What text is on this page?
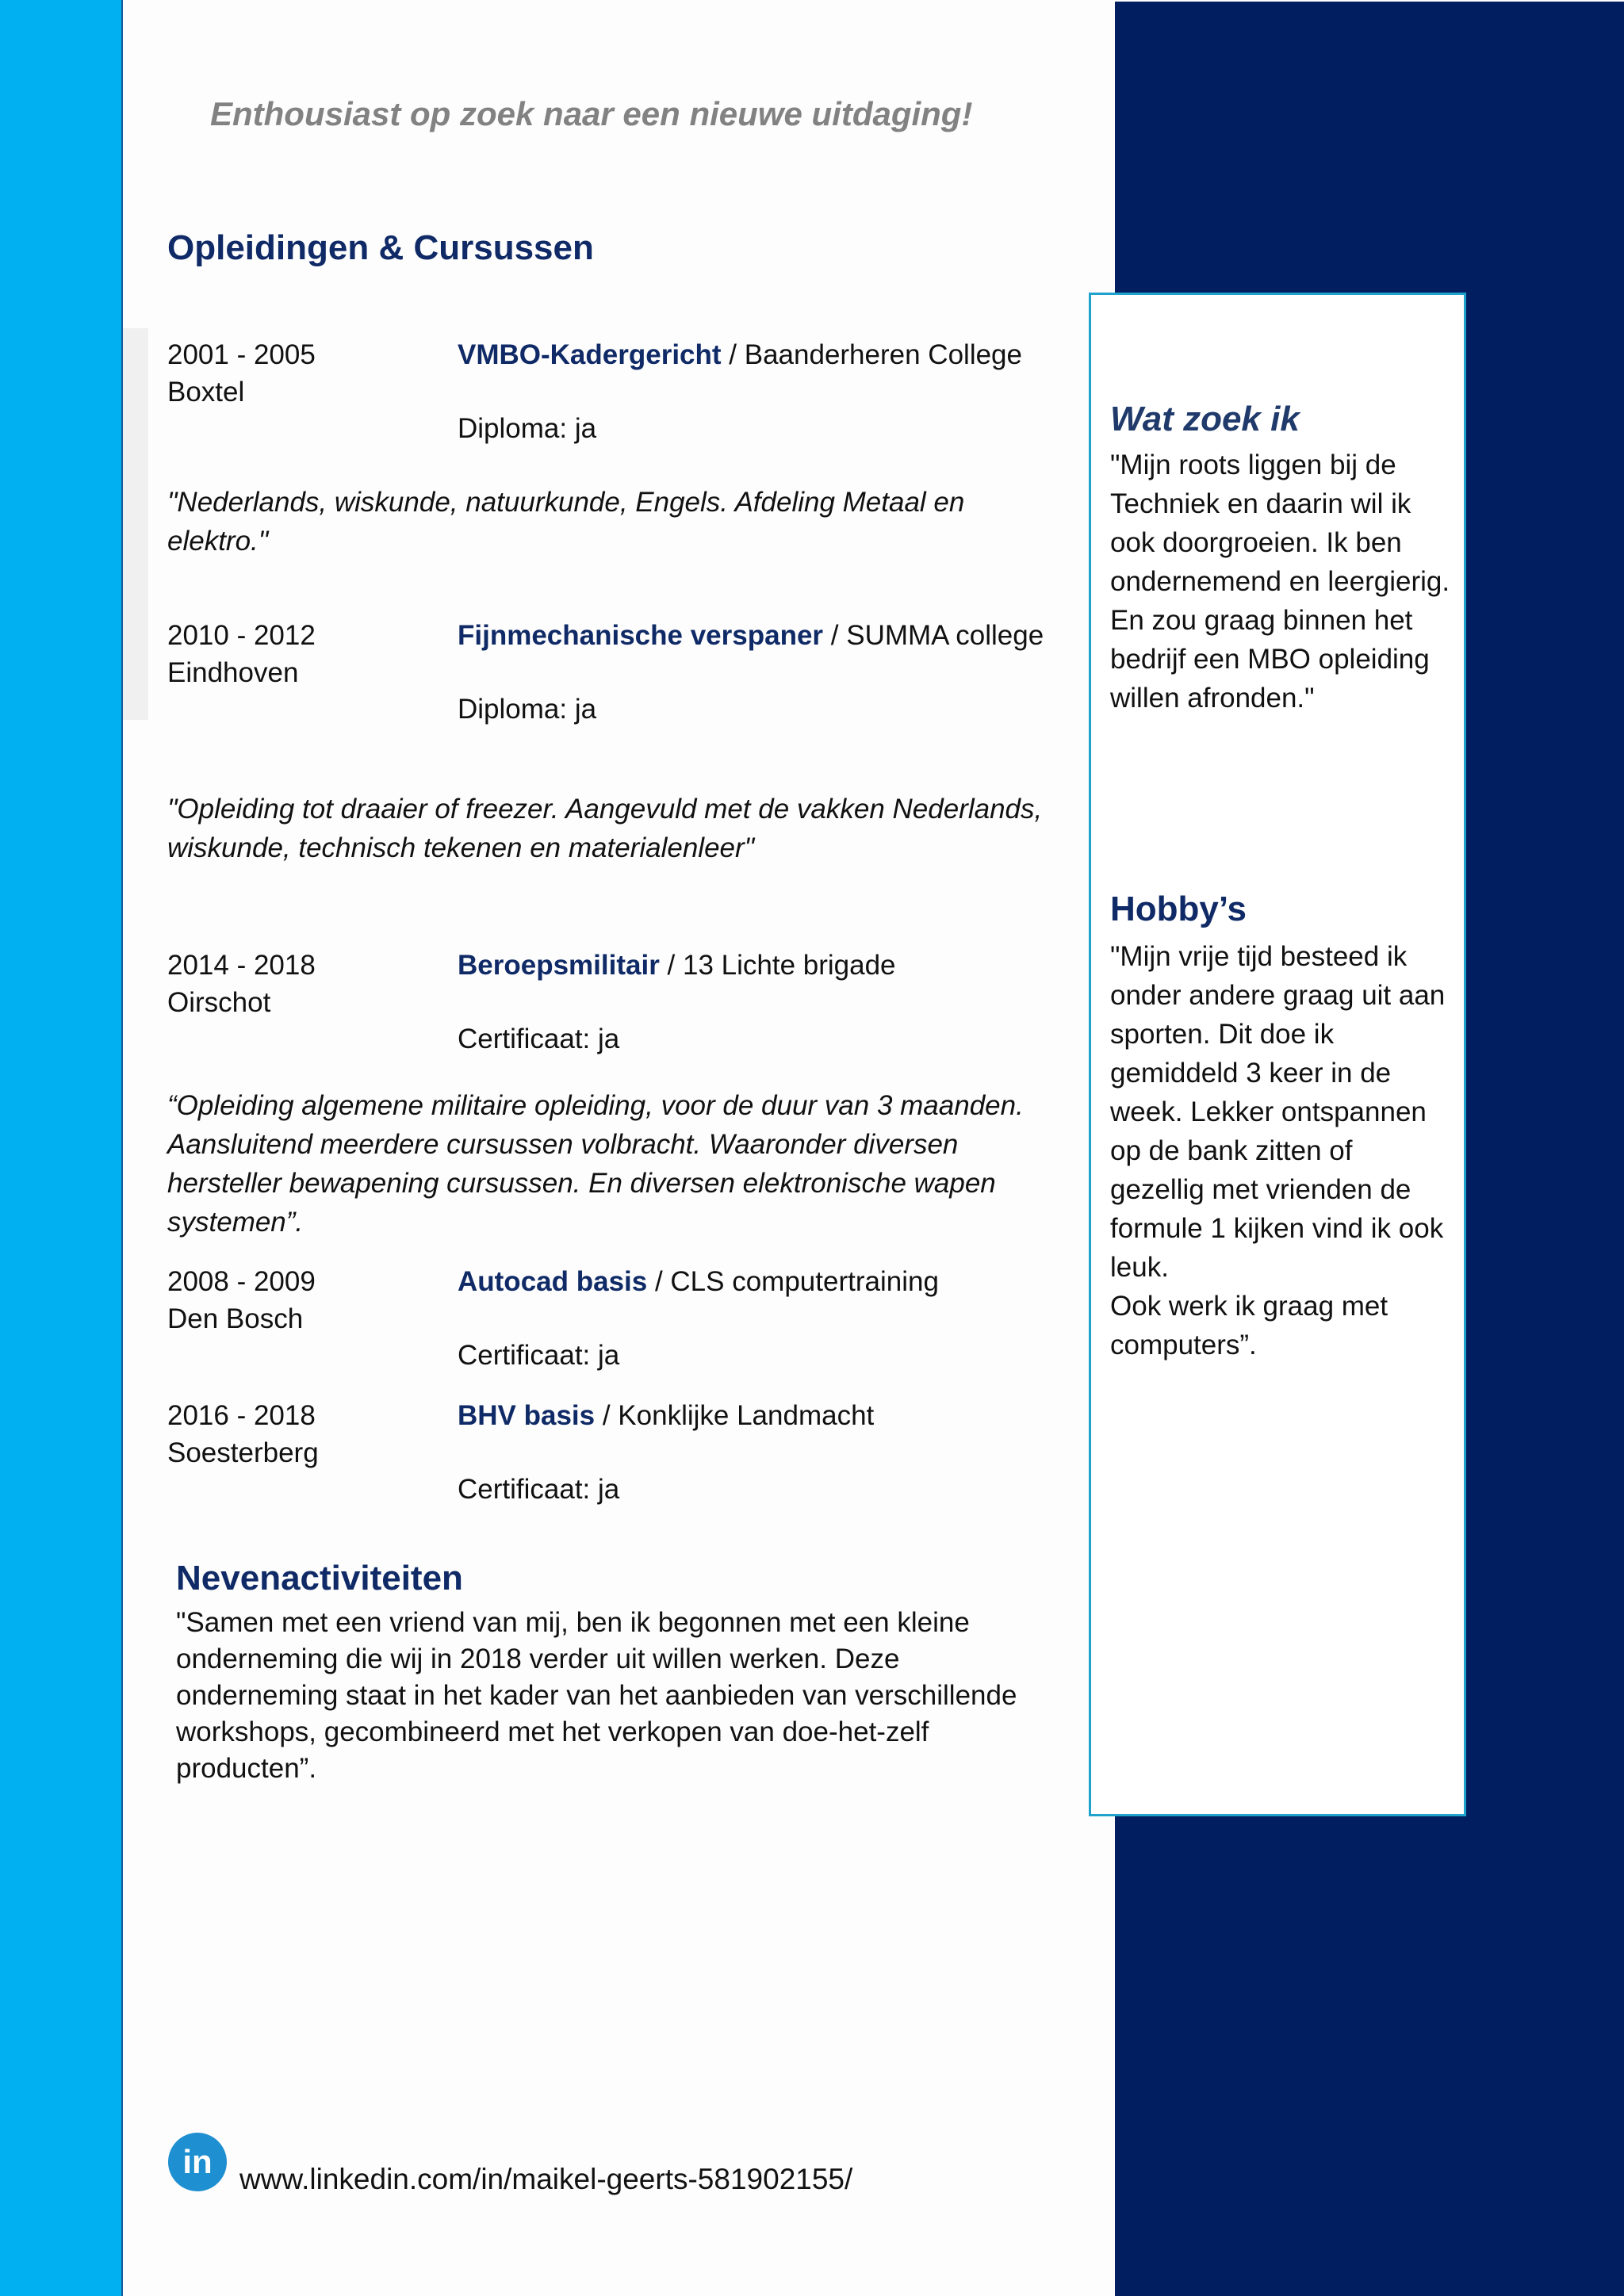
Enthousiast op zoek naar een nieuwe uitdaging!
Opleidingen & Cursussen
2001 - 2005
Boxtel
VMBO-Kadergericht / Baanderheren College
Diploma: ja
"Nederlands, wiskunde, natuurkunde, Engels. Afdeling Metaal en elektro."
2010 - 2012
Eindhoven
Fijnmechanische verspaner / SUMMA college
Diploma: ja
"Opleiding tot draaier of freezer. Aangevuld met de vakken Nederlands, wiskunde, technisch tekenen en materialenleer"
2014 - 2018
Oirschot
Beroepsmilitair / 13 Lichte brigade
Certificaat: ja
“Opleiding algemene militaire opleiding, voor de duur van 3 maanden. Aansluitend meerdere cursussen volbracht. Waaronder diversen hersteller bewapening cursussen. En diversen elektronische wapen systemen”.
2008 - 2009
Den Bosch
Autocad basis / CLS computertraining
Certificaat: ja
2016 - 2018
Soesterberg
BHV basis / Konklijke Landmacht
Certificaat: ja
Wat zoek ik
"Mijn roots liggen bij de Techniek en daarin wil ik ook doorgroeien. Ik ben ondernemend en leergierig. En zou graag binnen het bedrijf een MBO opleiding willen afronden."
Hobby’s
"Mijn vrije tijd besteed ik onder andere graag uit aan sporten. Dit doe ik gemiddeld 3 keer in de week. Lekker ontspannen op de bank zitten of gezellig met vrienden de formule 1 kijken vind ik ook leuk.
Ook werk ik graag met computers”.
Nevenactiviteiten
"Samen met een vriend van mij, ben ik begonnen met een kleine onderneming die wij in 2018 verder uit willen werken. Deze onderneming staat in het kader van het aanbieden van verschillende workshops, gecombineerd met het verkopen van doe-het-zelf producten”.
in www.linkedin.com/in/maikel-geerts-581902155/
